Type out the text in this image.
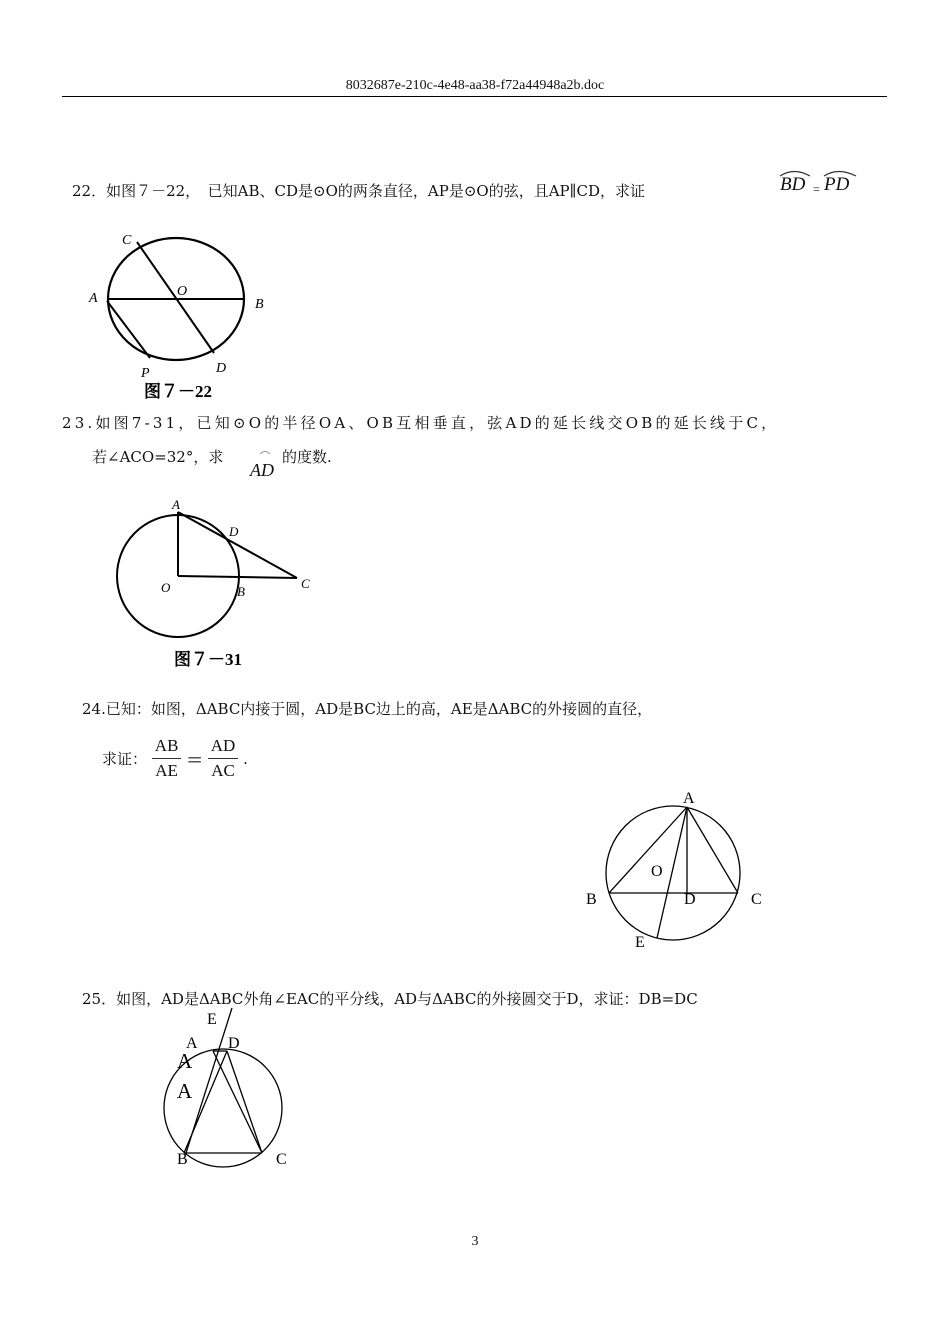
8032687e-210c-4e48-aa38-f72a44948a2b.doc
22．如图７－22，　已知AB、CD是⊙O的两条直径，AP是⊙O的弦，且AP∥CD，求证	BD = PD
C
A	O
B
P	D
图７－22
23.如图7-31，已知⊙O的半径OA、OB互相垂直，弦AD的延长线交OB的延长线于C，
若∠ACO=32°，求
AD
的度数.
A
D
O	B
C
图７－31
24.已知：如图，ΔABC内接于圆，AD是BC边上的高，AE是ΔABC的外接圆的直径，
求证： $\frac{AB}{AE} = \frac{AD}{AC}$ .
A
O
B	D	C
E
25．如图，AD是ΔABC外角∠EAC的平分线，AD与ΔABC的外接圆交于D，求证：DB=DC
E
A D
A
A
B	C
3
